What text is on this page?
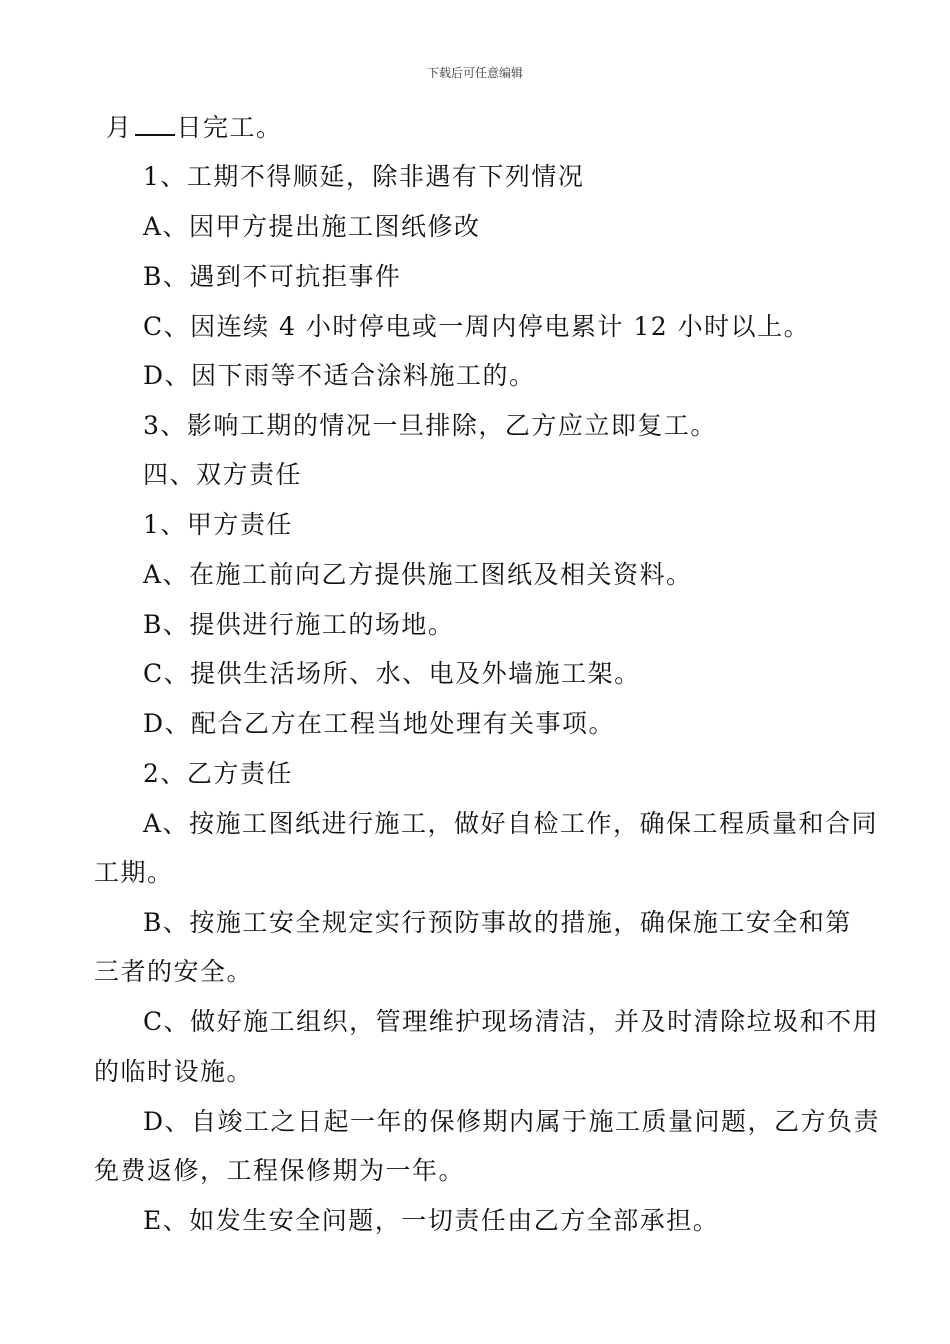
下载后可任意编辑
月 日完工。
1、工期不得顺延，除非遇有下列情况
A、因甲方提出施工图纸修改
B、遇到不可抗拒事件
C、因连续 4 小时停电或一周内停电累计 12 小时以上。
D、因下雨等不适合涂料施工的。
3、影响工期的情况一旦排除，乙方应立即复工。
四、双方责任
1、甲方责任
A、在施工前向乙方提供施工图纸及相关资料。
B、提供进行施工的场地。
C、提供生活场所、水、电及外墙施工架。
D、配合乙方在工程当地处理有关事项。
2、乙方责任
A、按施工图纸进行施工，做好自检工作，确保工程质量和合同
工期。
B、按施工安全规定实行预防事故的措施，确保施工安全和第
三者的安全。
C、做好施工组织，管理维护现场清洁，并及时清除垃圾和不用
的临时设施。
D、自竣工之日起一年的保修期内属于施工质量问题，乙方负责
免费返修，工程保修期为一年。
E、如发生安全问题，一切责任由乙方全部承担。
